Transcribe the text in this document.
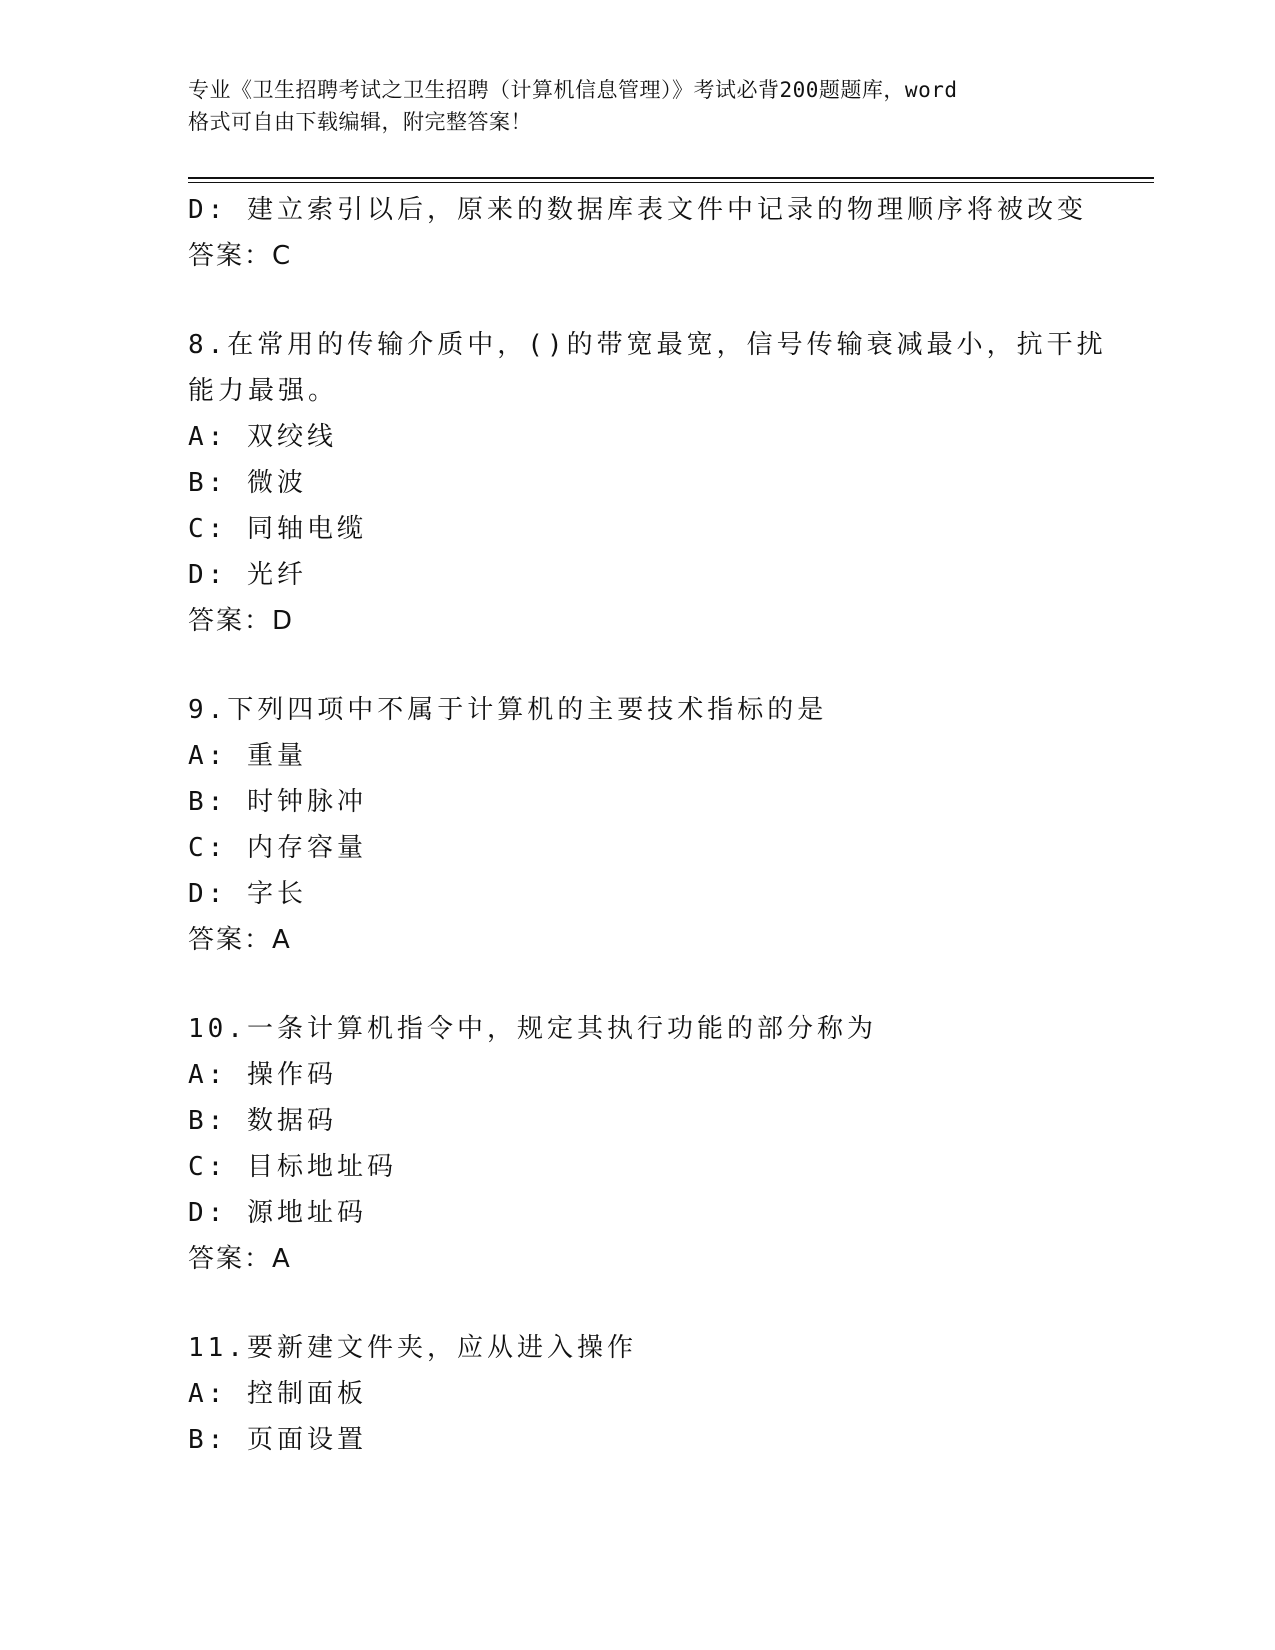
专业《卫生招聘考试之卫生招聘（计算机信息管理）》考试必背200题题库，word
格式可自由下载编辑，附完整答案！
D: 建立索引以后，原来的数据库表文件中记录的物理顺序将被改变
答案：C
8.在常用的传输介质中，()的带宽最宽，信号传输衰减最小，抗干扰
能力最强。
A: 双绞线
B: 微波
C: 同轴电缆
D: 光纤
答案：D
9.下列四项中不属于计算机的主要技术指标的是
A: 重量
B: 时钟脉冲
C: 内存容量
D: 字长
答案：A
10.一条计算机指令中，规定其执行功能的部分称为
A: 操作码
B: 数据码
C: 目标地址码
D: 源地址码
答案：A
11.要新建文件夹，应从进入操作
A: 控制面板
B: 页面设置
